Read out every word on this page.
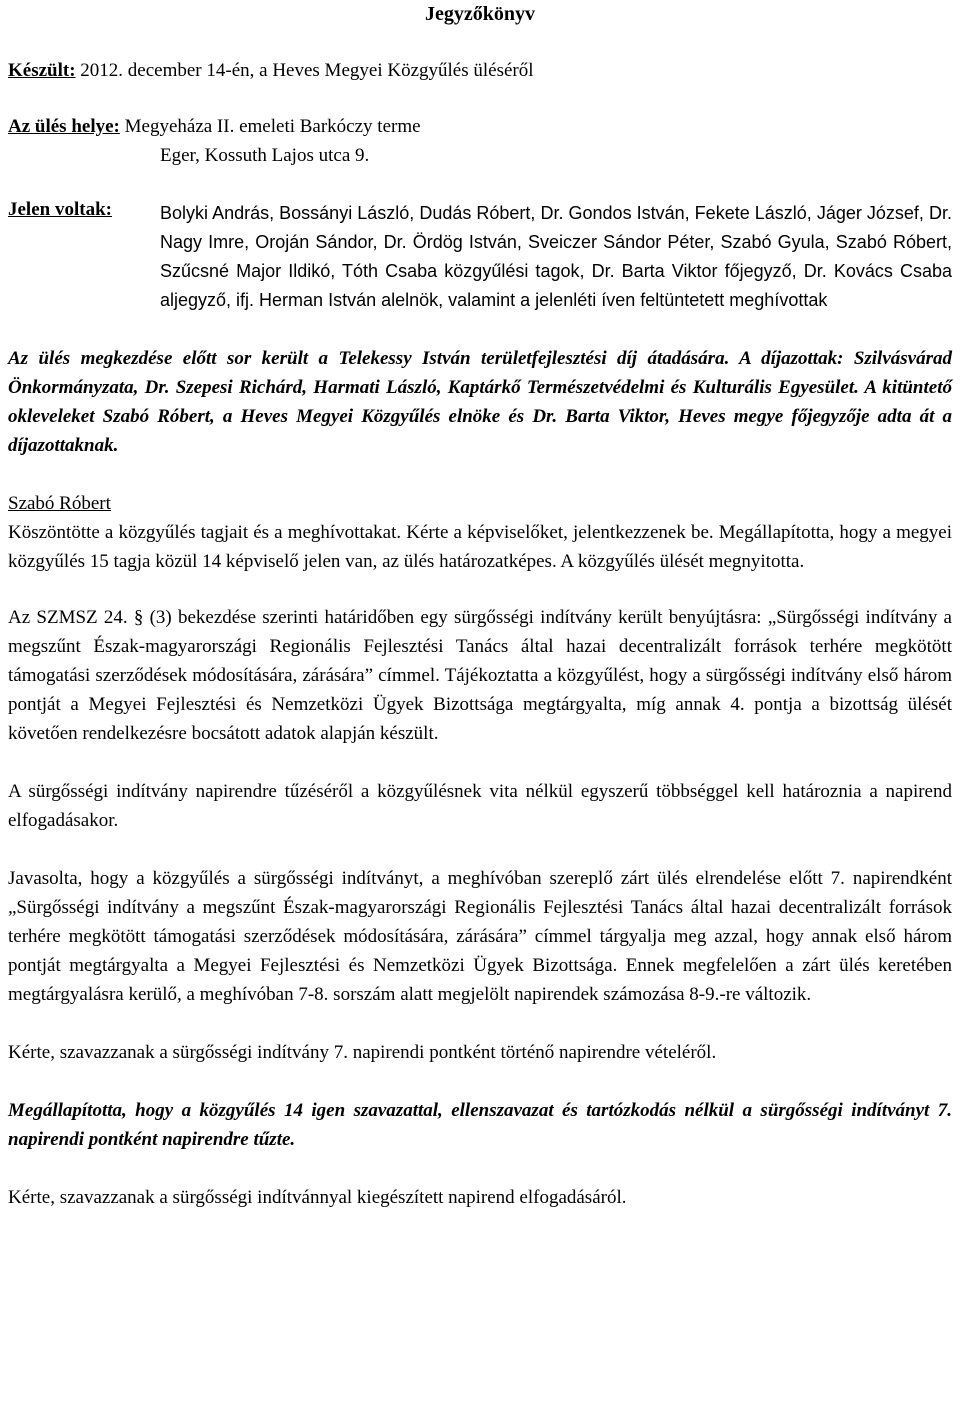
Jegyzőkönyv

Készült: 2012. december 14-én, a Heves Megyei Közgyűlés üléséről

Az ülés helye: Megyeháza II. emeleti Barkóczy terme

Eger, Kossuth Lajos utca 9.

Jelen voltak:	Bolyki András, Bossányi László, Dudás Róbert, Dr. Gondos István, Fekete László, Jáger József, Dr. Nagy Imre, Oroján Sándor, Dr. Ördög István, Sveiczer Sándor Péter, Szabó Gyula, Szabó Róbert, Szűcsné Major Ildikó, Tóth Csaba közgyűlési tagok, Dr. Barta Viktor főjegyző, Dr. Kovács Csaba aljegyző, ifj. Herman István alelnök, valamint a jelenléti íven feltüntetett meghívottak

Az ülés megkezdése előtt sor került a Telekessy István területfejlesztési díj átadására. A díjazottak: Szilvásvárad Önkormányzata, Dr. Szepesi Richárd, Harmati László, Kaptárkő Természetvédelmi és Kulturális Egyesület. A kitüntető okleveleket Szabó Róbert, a Heves Megyei Közgyűlés elnöke és Dr. Barta Viktor, Heves megye főjegyzője adta át a díjazottaknak.

Szabó Róbert

Köszöntötte a közgyűlés tagjait és a meghívottakat. Kérte a képviselőket, jelentkezzenek be. Megállapította, hogy a megyei közgyűlés 15 tagja közül 14 képviselő jelen van, az ülés határozatképes. A közgyűlés ülését megnyitotta.

Az SZMSZ 24. § (3) bekezdése szerinti határidőben egy sürgősségi indítvány került benyújtásra: „Sürgősségi indítvány a megszűnt Észak-magyarországi Regionális Fejlesztési Tanács által hazai decentralizált források terhére megkötött támogatási szerződések módosítására, zárására” címmel. Tájékoztatta a közgyűlést, hogy a sürgősségi indítvány első három pontját a Megyei Fejlesztési és Nemzetközi Ügyek Bizottsága megtárgyalta, míg annak 4. pontja a bizottság ülését követően rendelkezésre bocsátott adatok alapján készült.

A sürgősségi indítvány napirendre tűzéséről a közgyűlésnek vita nélkül egyszerű többséggel kell határoznia a napirend elfogadásakor.

Javasolta, hogy a közgyűlés a sürgősségi indítványt, a meghívóban szereplő zárt ülés elrendelése előtt 7. napirendként „Sürgősségi indítvány a megszűnt Észak-magyarországi Regionális Fejlesztési Tanács által hazai decentralizált források terhére megkötött támogatási szerződések módosítására, zárására” címmel tárgyalja meg azzal, hogy annak első három pontját megtárgyalta a Megyei Fejlesztési és Nemzetközi Ügyek Bizottsága. Ennek megfelelően a zárt ülés keretében megtárgyalásra kerülő, a meghívóban 7-8. sorszám alatt megjelölt napirendek számozása 8-9.-re változik.

Kérte, szavazzanak a sürgősségi indítvány 7. napirendi pontként történő napirendre vételéről.

Megállapította, hogy a közgyűlés 14 igen szavazattal, ellenszavazat és tartózkodás nélkül a sürgősségi indítványt 7. napirendi pontként napirendre tűzte.

Kérte, szavazzanak a sürgősségi indítvánnyal kiegészített napirend elfogadásáról.
